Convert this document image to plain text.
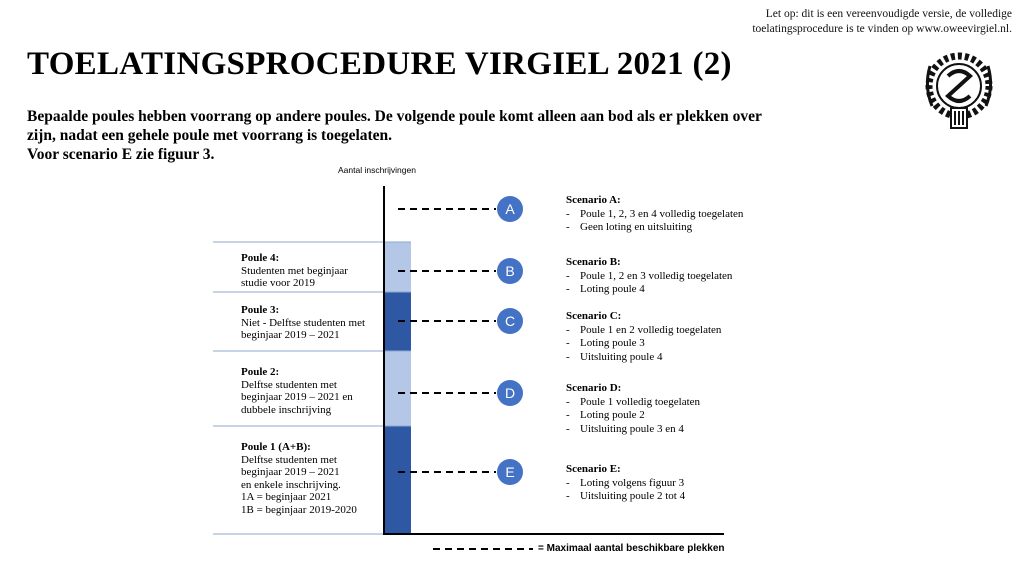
Let op: dit is een vereenvoudigde versie, de volledige
toelatingsprocedure is te vinden op www.oweevirgiel.nl.
TOELATINGSPROCEDURE VIRGIEL 2021 (2)
Bepaalde poules hebben voorrang op andere poules. De volgende poule komt alleen aan bod als er plekken over
zijn, nadat een gehele poule met voorrang is toegelaten.
Voor scenario E zie figuur 3.
Aantal inschrijvingen
A
B
C
D
E
Poule 4:
Studenten met beginjaar
studie voor 2019
Poule 3:
Niet - Delftse studenten met
beginjaar 2019 – 2021
Poule 2:
Delftse studenten met
beginjaar 2019 – 2021 en
dubbele inschrijving
Poule 1 (A+B):
Delftse studenten met
beginjaar 2019 – 2021
en enkele inschrijving.
1A = beginjaar 2021
1B = beginjaar 2019-2020
Scenario A:
- Poule 1, 2, 3 en 4 volledig toegelaten
- Geen loting en uitsluiting
Scenario B:
- Poule 1, 2 en 3 volledig toegelaten
- Loting poule 4
Scenario C:
- Poule 1 en 2 volledig toegelaten
- Loting poule 3
- Uitsluiting poule 4
Scenario D:
- Poule 1 volledig toegelaten
- Loting poule 2
- Uitsluiting poule 3 en 4
Scenario E:
- Loting volgens figuur 3
- Uitsluiting poule 2 tot 4
= Maximaal aantal beschikbare plekken
